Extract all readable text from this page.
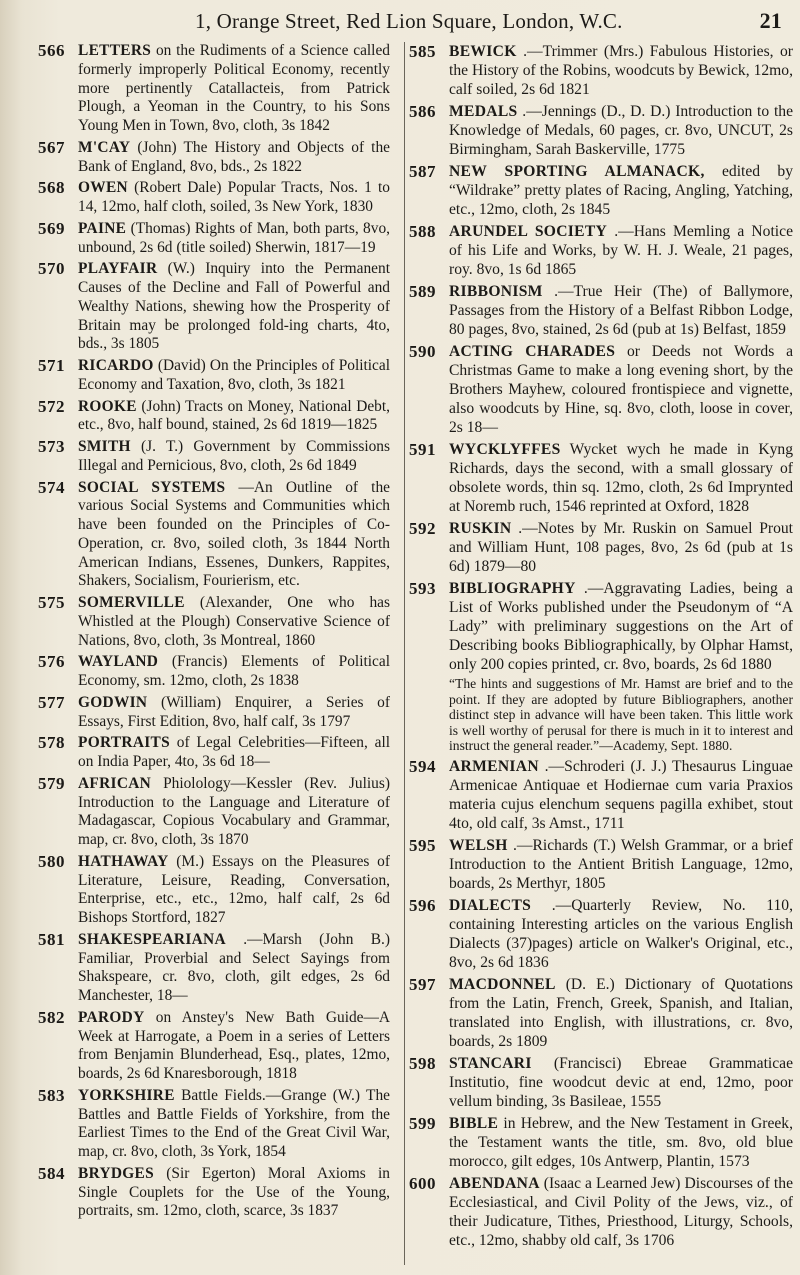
1, Orange Street, Red Lion Square, London, W.C.	21
566 LETTERS on the Rudiments of a Science called formerly improperly Political Economy, recently more pertinently Catallacteis, from Patrick Plough, a Yeoman in the Country, to his Sons Young Men in Town, 8vo, cloth, 3s 1842
567 M'CAY (John) The History and Objects of the Bank of England, 8vo, bds., 2s 1822
568 OWEN (Robert Dale) Popular Tracts, Nos. 1 to 14, 12mo, half cloth, soiled, 3s New York, 1830
569 PAINE (Thomas) Rights of Man, both parts, 8vo, unbound, 2s 6d (title soiled) Sherwin, 1817—19
570 PLAYFAIR (W.) Inquiry into the Permanent Causes of the Decline and Fall of Powerful and Wealthy Nations, shewing how the Prosperity of Britain may be prolonged fold-ing charts, 4to, bds., 3s 1805
571 RICARDO (David) On the Principles of Political Economy and Taxation, 8vo, cloth, 3s 1821
572 ROOKE (John) Tracts on Money, National Debt, etc., 8vo, half bound, stained, 2s 6d 1819—1825
573 SMITH (J. T.) Government by Commissions Illegal and Pernicious, 8vo, cloth, 2s 6d 1849
574 SOCIAL SYSTEMS —An Outline of the various Social Systems and Communities which have been founded on the Principles of Co-Operation, cr. 8vo, soiled cloth, 3s 1844 North American Indians, Essenes, Dunkers, Rappites, Shakers, Socialism, Fourierism, etc.
575 SOMERVILLE (Alexander, One who has Whistled at the Plough) Conservative Science of Nations, 8vo, cloth, 3s Montreal, 1860
576 WAYLAND (Francis) Elements of Political Economy, sm. 12mo, cloth, 2s 1838
577 GODWIN (William) Enquirer, a Series of Essays, First Edition, 8vo, half calf, 3s 1797
578 PORTRAITS of Legal Celebrities—Fifteen, all on India Paper, 4to, 3s 6d 18—
579 AFRICAN Phiolology—Kessler (Rev. Julius) Introduction to the Language and Literature of Madagascar, Copious Vocabulary and Grammar, map, cr. 8vo, cloth, 3s 1870
580 HATHAWAY (M.) Essays on the Pleasures of Literature, Leisure, Reading, Conversation, Enterprise, etc., etc., 12mo, half calf, 2s 6d Bishops Stortford, 1827
581 SHAKESPEARIANA .—Marsh (John B.) Familiar, Proverbial and Select Sayings from Shakspeare, cr. 8vo, cloth, gilt edges, 2s 6d Manchester, 18—
582 PARODY on Anstey's New Bath Guide—A Week at Harrogate, a Poem in a series of Letters from Benjamin Blunderhead, Esq., plates, 12mo, boards, 2s 6d Knaresborough, 1818
583 YORKSHIRE Battle Fields.—Grange (W.) The Battles and Battle Fields of Yorkshire, from the Earliest Times to the End of the Great Civil War, map, cr. 8vo, cloth, 3s York, 1854
584 BRYDGES (Sir Egerton) Moral Axioms in Single Couplets for the Use of the Young, portraits, sm. 12mo, cloth, scarce, 3s 1837
585 BEWICK .—Trimmer (Mrs.) Fabulous Histories, or the History of the Robins, woodcuts by Bewick, 12mo, calf soiled, 2s 6d 1821
586 MEDALS .—Jennings (D., D. D.) Introduction to the Knowledge of Medals, 60 pages, cr. 8vo, UNCUT, 2s Birmingham, Sarah Baskerville, 1775
587 NEW SPORTING ALMANACK, edited by “Wildrake” pretty plates of Racing, Angling, Yatching, etc., 12mo, cloth, 2s 1845
588 ARUNDEL SOCIETY .—Hans Memling a Notice of his Life and Works, by W. H. J. Weale, 21 pages, roy. 8vo, 1s 6d 1865
589 RIBBONISM .—True Heir (The) of Ballymore, Passages from the History of a Belfast Ribbon Lodge, 80 pages, 8vo, stained, 2s 6d (pub at 1s) Belfast, 1859
590 ACTING CHARADES or Deeds not Words a Christmas Game to make a long evening short, by the Brothers Mayhew, coloured frontispiece and vignette, also woodcuts by Hine, sq. 8vo, cloth, loose in cover, 2s 18—
591 WYCKLYFFES Wycket wych he made in Kyng Richards, days the second, with a small glossary of obsolete words, thin sq. 12mo, cloth, 2s 6d Imprynted at Noremb ruch, 1546 reprinted at Oxford, 1828
592 RUSKIN .—Notes by Mr. Ruskin on Samuel Prout and William Hunt, 108 pages, 8vo, 2s 6d (pub at 1s 6d) 1879—80
593 BIBLIOGRAPHY .—Aggravating Ladies, being a List of Works published under the Pseudonym of “A Lady” with preliminary suggestions on the Art of Describing books Bibliographically, by Olphar Hamst, only 200 copies printed, cr. 8vo, boards, 2s 6d 1880
“The hints and suggestions of Mr. Hamst are brief and to the point. If they are adopted by future Bibliographers, another distinct step in advance will have been taken. This little work is well worthy of perusal for there is much in it to interest and instruct the general reader.”—Academy, Sept. 1880.
594 ARMENIAN .—Schroderi (J. J.) Thesaurus Linguae Armenicae Antiquae et Hodiernae cum varia Praxios materia cujus elenchum sequens pagilla exhibet, stout 4to, old calf, 3s Amst., 1711
595 WELSH .—Richards (T.) Welsh Grammar, or a brief Introduction to the Antient British Language, 12mo, boards, 2s Merthyr, 1805
596 DIALECTS .—Quarterly Review, No. 110, containing Interesting articles on the various English Dialects (37)pages) article on Walker's Original, etc., 8vo, 2s 6d 1836
597 MACDONNEL (D. E.) Dictionary of Quotations from the Latin, French, Greek, Spanish, and Italian, translated into English, with illustrations, cr. 8vo, boards, 2s 1809
598 STANCARI (Francisci) Ebreae Grammaticae Institutio, fine woodcut devic at end, 12mo, poor vellum binding, 3s Basileae, 1555
599 BIBLE in Hebrew, and the New Testament in Greek, the Testament wants the title, sm. 8vo, old blue morocco, gilt edges, 10s Antwerp, Plantin, 1573
600 ABENDANA (Isaac a Learned Jew) Discourses of the Ecclesiastical, and Civil Polity of the Jews, viz., of their Judicature, Tithes, Priesthood, Liturgy, Schools, etc., 12mo, shabby old calf, 3s 1706
